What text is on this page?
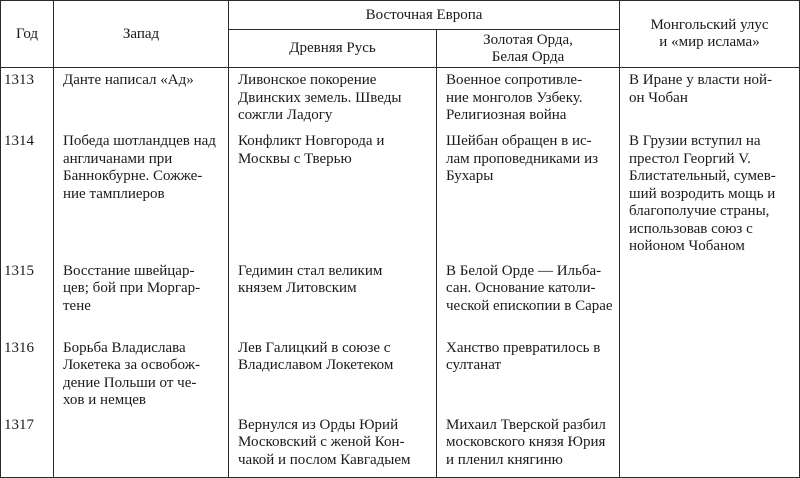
Год	Запад	Восточная Европа		Монгольский улус
и «мир ислама»
		Древняя Русь	Золотая Орда,
Белая Орда	
1313	Данте написал «Ад»	Ливонское покорение Двинских земель. Шведы сожгли Ладогу	Военное сопротивле-
ние монголов Узбеку. Религиозная война	В Иране у власти ной-
он Чобан
1314	Победа шотландцев над англичанами при Баннокбурне. Сожже-
ние тамплиеров	Конфликт Новгорода и Москвы с Тверью	Шейбан обращен в ис-
лам проповедниками из Бухары	В Грузии вступил на престол Георгий V. Блистательный, сумев-
ший возродить мощь и благополучие страны, использовав союз с нойоном Чобаном
1315	Восстание швейцар-
цев; бой при Моргар-
тене	Гедимин стал великим князем Литовским	В Белой Орде — Ильба-
сан. Основание католи-
ческой епископии в Сарае	
1316	Борьба Владислава Локетека за освобож-
дение Польши от че-
хов и немцев	Лев Галицкий в союзе с Владиславом Локетеком	Ханство превратилось в султанат	
1317		Вернулся из Орды Юрий Московский с женой Кон-
чакой и послом Кавгадыем	Михаил Тверской разбил московского князя Юрия и пленил княгиню	
